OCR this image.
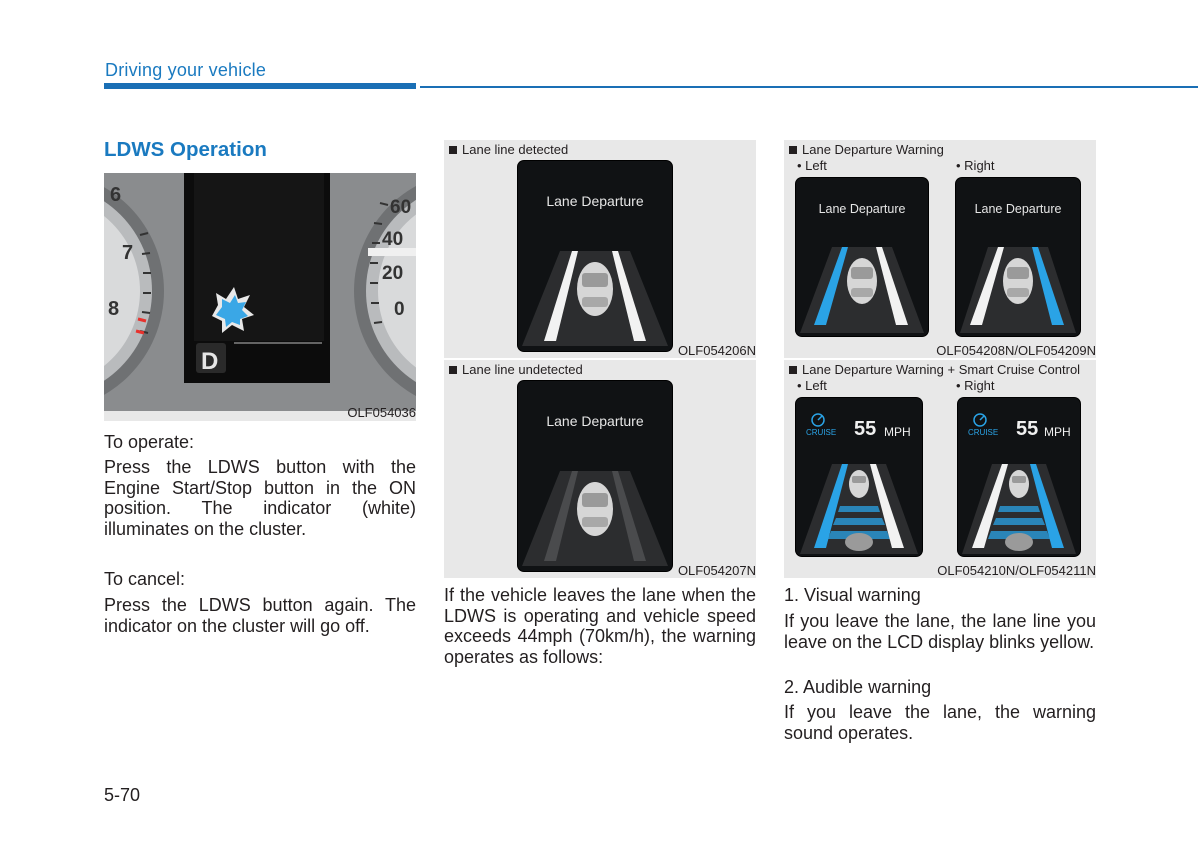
Driving your vehicle
LDWS Operation
6
7
8
D
60
40
20
0
OLF054036
To operate:
Press the LDWS button with the Engine Start/Stop button in the ON position. The indicator (white) illuminates on the cluster.
To cancel:
Press the LDWS button again. The indicator on the cluster will go off.
Lane line detected
Lane Departure
OLF054206N
Lane line undetected
Lane Departure
OLF054207N
If the vehicle leaves the lane when the LDWS is operating and vehicle speed exceeds 44mph (70km/h), the warning operates as follows:
Lane Departure Warning
• Left	• Right
Lane Departure	Lane Departure
OLF054208N/OLF054209N
Lane Departure Warning + Smart Cruise Control
• Left	• Right
CRUISE 55 MPH	CRUISE 55 MPH
OLF054210N/OLF054211N
1. Visual warning
If you leave the lane, the lane line you leave on the LCD display blinks yellow.
2. Audible warning
If you leave the lane, the warning sound operates.
5-70
